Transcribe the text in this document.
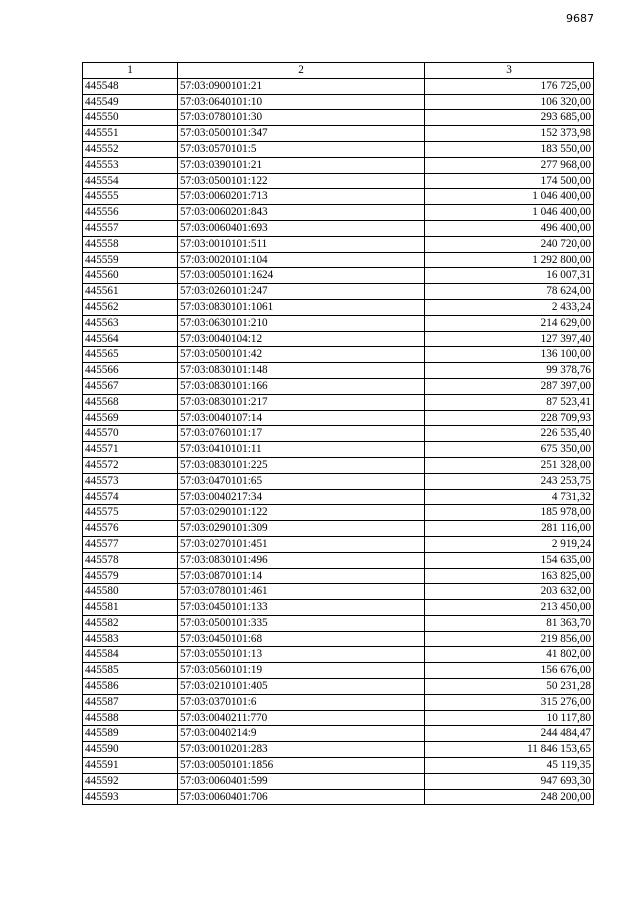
9687
1	2	3
445548	57:03:0900101:21	176 725,00
445549	57:03:0640101:10	106 320,00
445550	57:03:0780101:30	293 685,00
445551	57:03:0500101:347	152 373,98
445552	57:03:0570101:5	183 550,00
445553	57:03:0390101:21	277 968,00
445554	57:03:0500101:122	174 500,00
445555	57:03:0060201:713	1 046 400,00
445556	57:03:0060201:843	1 046 400,00
445557	57:03:0060401:693	496 400,00
445558	57:03:0010101:511	240 720,00
445559	57:03:0020101:104	1 292 800,00
445560	57:03:0050101:1624	16 007,31
445561	57:03:0260101:247	78 624,00
445562	57:03:0830101:1061	2 433,24
445563	57:03:0630101:210	214 629,00
445564	57:03:0040104:12	127 397,40
445565	57:03:0500101:42	136 100,00
445566	57:03:0830101:148	99 378,76
445567	57:03:0830101:166	287 397,00
445568	57:03:0830101:217	87 523,41
445569	57:03:0040107:14	228 709,93
445570	57:03:0760101:17	226 535,40
445571	57:03:0410101:11	675 350,00
445572	57:03:0830101:225	251 328,00
445573	57:03:0470101:65	243 253,75
445574	57:03:0040217:34	4 731,32
445575	57:03:0290101:122	185 978,00
445576	57:03:0290101:309	281 116,00
445577	57:03:0270101:451	2 919,24
445578	57:03:0830101:496	154 635,00
445579	57:03:0870101:14	163 825,00
445580	57:03:0780101:461	203 632,00
445581	57:03:0450101:133	213 450,00
445582	57:03:0500101:335	81 363,70
445583	57:03:0450101:68	219 856,00
445584	57:03:0550101:13	41 802,00
445585	57:03:0560101:19	156 676,00
445586	57:03:0210101:405	50 231,28
445587	57:03:0370101:6	315 276,00
445588	57:03:0040211:770	10 117,80
445589	57:03:0040214:9	244 484,47
445590	57:03:0010201:283	11 846 153,65
445591	57:03:0050101:1856	45 119,35
445592	57:03:0060401:599	947 693,30
445593	57:03:0060401:706	248 200,00
